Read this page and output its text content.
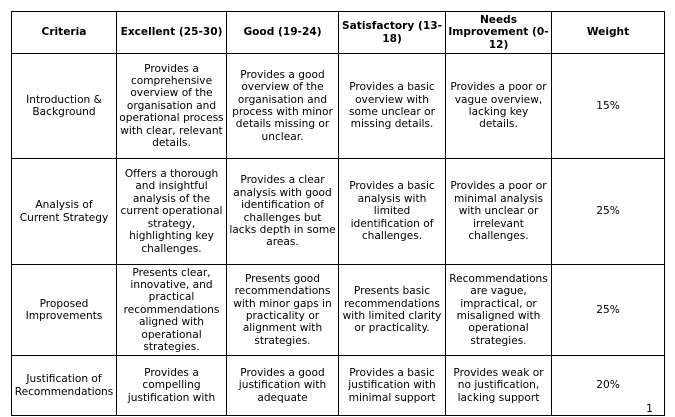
Criteria	Excellent (25-30)	Good (19-24)	Satisfactory (13-18)	Needs Improvement (0-12)	Weight
Introduction & Background	Provides a comprehensive overview of the organisation and operational process with clear, relevant details.	Provides a good overview of the organisation and process with minor details missing or unclear.	Provides a basic overview with some unclear or missing details.	Provides a poor or vague overview, lacking key details.	15%
Analysis of Current Strategy	Offers a thorough and insightful analysis of the current operational strategy, highlighting key challenges.	Provides a clear analysis with good identification of challenges but lacks depth in some areas.	Provides a basic analysis with limited identification of challenges.	Provides a poor or minimal analysis with unclear or irrelevant challenges.	25%
Proposed Improvements	Presents clear, innovative, and practical recommendations aligned with operational strategies.	Presents good recommendations with minor gaps in practicality or alignment with strategies.	Presents basic recommendations with limited clarity or practicality.	Recommendations are vague, impractical, or misaligned with operational strategies.	25%
Justification of Recommendations	Provides a compelling justification with	Provides a good justification with adequate	Provides a basic justification with minimal support	Provides weak or no justification, lacking support	20%
1
